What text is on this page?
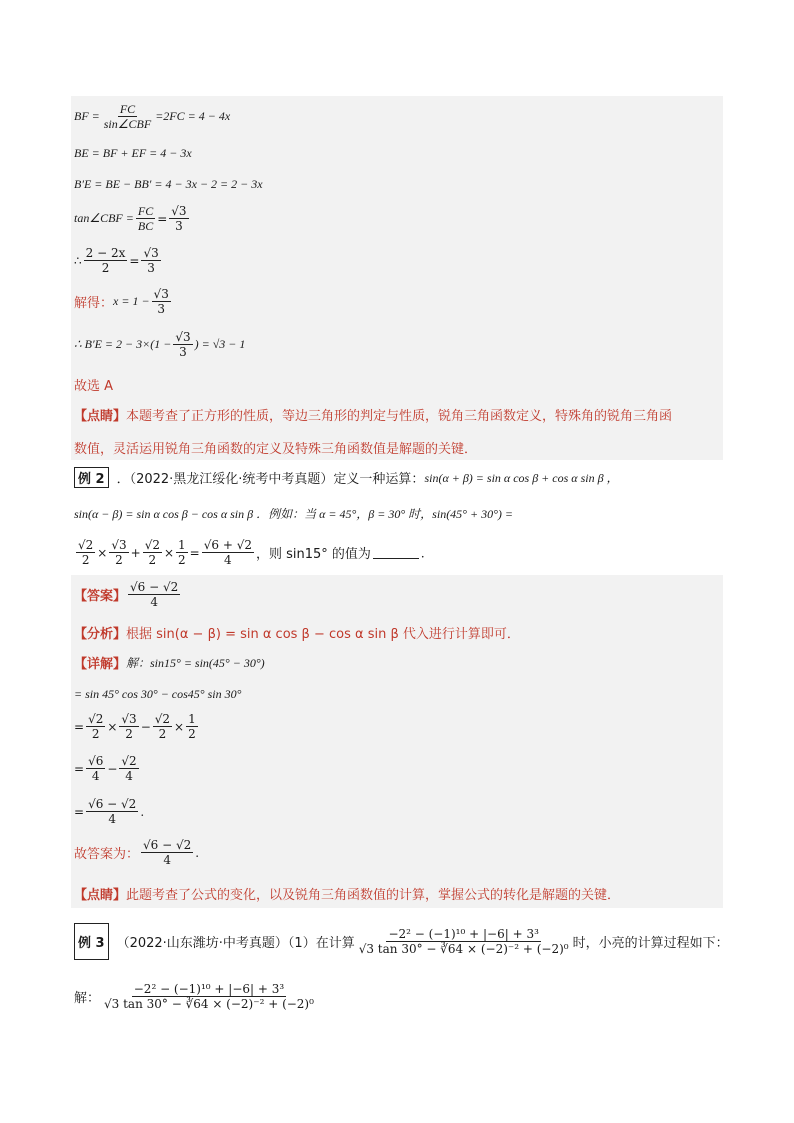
BF = $\frac{FC}{\text{sin∠CBF}} =2FC = 4 - 4x$
BE = BF + EF = 4 − 3x
B′E = BE − BB′ = 4 − 3x − 2 = 2 − 3x
tan∠CBF = $\frac{FC}{BC} = \frac{√3}{3}$
∴ $\frac{2 - 2x}{2} = \frac{√3}{3}$
解得： $x = 1 - \frac{√3}{3}$
∴ $B'E = 2 - 3\times(1 - \frac{√3}{3}$ ) = √3 − 1
故选 A
【点睛】 本题考查了正方形的性质，等边三角形的判定与性质，锐角三角函数定义，特殊角的锐角三角函
数值，灵活运用锐角三角函数的定义及特殊三角函数值是解题的关键．
例 2 ．（2022·黑龙江绥化·统考中考真题）定义一种运算： sin(α + β) = sin α cos β + cos α sin β ，
sin(α − β) = sin α cos β − cos α sin β ．例如：当 α = 45°，β = 30° 时，sin(45° + 30°) =
$\frac{√2}{2} \times \frac{√3}{2} + \frac{√2}{2} \times \frac{1}{2} = \frac{√6 + √2}{4}$ ，则 sin15° 的值为	．
【答案】 $\frac{√6 - √2}{4}$
【分析】 根据 sin(α − β) = sin α cos β − cos α sin β 代入进行计算即可．
【详解】 解：sin15° = sin(45° − 30°)
= sin 45° cos 30° − cos45° sin 30°
= $\frac{√2}{2} \times \frac{√3}{2} - \frac{√2}{2} \times \frac{1}{2}$
= $\frac{√6}{4} - \frac{√2}{4}$
= $\frac{√6 - √2}{4}$ .
故答案为： $\frac{√6 - √2}{4}$ .
【点睛】 此题考查了公式的变化，以及锐角三角函数值的计算，掌握公式的转化是解题的关键．
例 3 （2022·山东潍坊·中考真题）（1）在计算 $\frac{\text{−2² − (−1)¹⁰ + |−6| + 3³}}{\text{√3 tan 30° − ∛64 × (−2)⁻² + (−2)⁰}}$ 时，小亮的计算过程如下：
解： $\frac{\text{−2² − (−1)¹⁰ + |−6| + 3³}}{\text{√3 tan 30° − ∛64 × (−2)⁻² + (−2)⁰}}$
